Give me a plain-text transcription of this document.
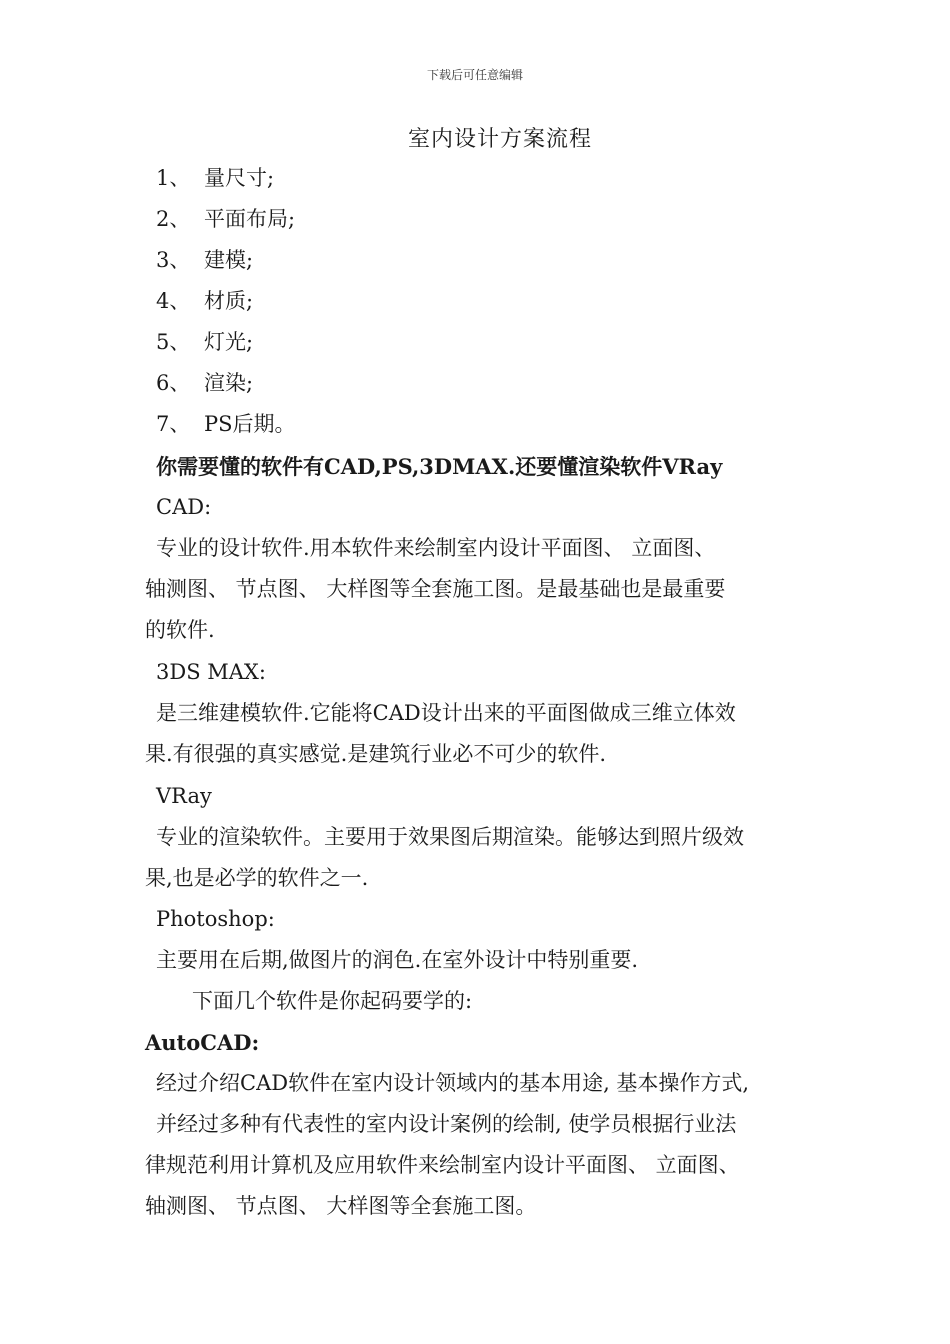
下载后可任意编辑
室内设计方案流程
1、 量尺寸;
2、 平面布局;
3、 建模;
4、 材质;
5、 灯光;
6、 渲染;
7、 PS后期。
你需要懂的软件有CAD,PS,3DMAX.还要懂渲染软件VRay
CAD:
专业的设计软件.用本软件来绘制室内设计平面图、 立面图、
轴测图、 节点图、 大样图等全套施工图。是最基础也是最重要
的软件.
3DS MAX:
是三维建模软件.它能将CAD设计出来的平面图做成三维立体效
果.有很强的真实感觉.是建筑行业必不可少的软件.
VRay
专业的渲染软件。主要用于效果图后期渲染。能够达到照片级效
果,也是必学的软件之一.
Photoshop:
主要用在后期,做图片的润色.在室外设计中特别重要.
下面几个软件是你起码要学的:
AutoCAD:
经过介绍CAD软件在室内设计领域内的基本用途, 基本操作方式,
并经过多种有代表性的室内设计案例的绘制, 使学员根据行业法
律规范利用计算机及应用软件来绘制室内设计平面图、 立面图、
轴测图、 节点图、 大样图等全套施工图。
